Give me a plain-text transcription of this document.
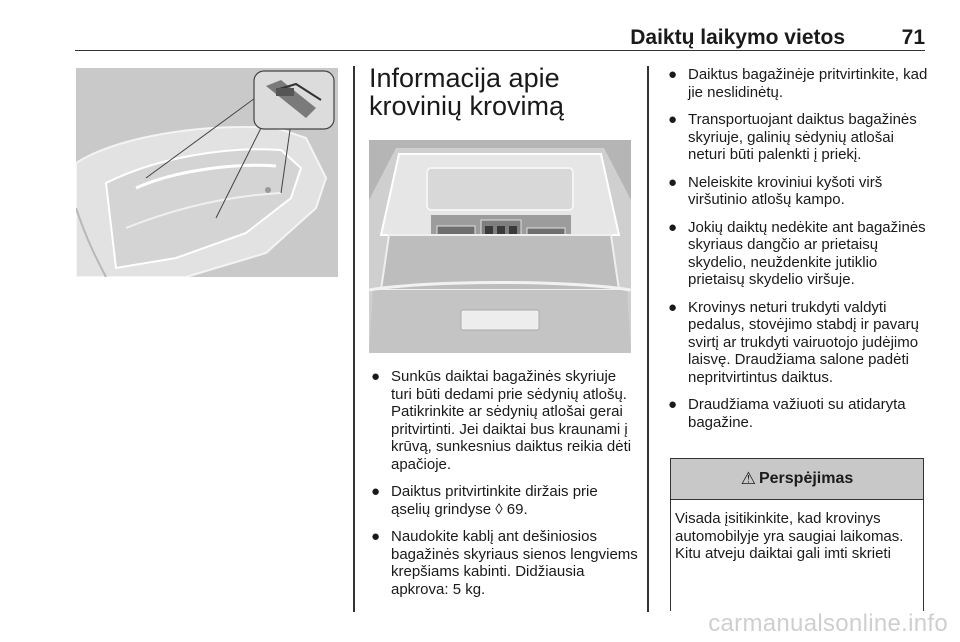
Daiktų laikymo vietos	71
Informacija apie
krovinių krovimą
● Sunkūs daiktai bagažinės skyriuje turi būti dedami prie sėdynių atlošų. Patikrinkite ar sėdynių atlošai gerai pritvirtinti. Jei daiktai bus kraunami į krūvą, sunkesnius daiktus reikia dėti apačioje.
● Daiktus pritvirtinkite diržais prie ąselių grindyse ◊ 69.
● Naudokite kablį ant dešiniosios bagažinės skyriaus sienos lengviems krepšiams kabinti. Didžiausia apkrova: 5 kg.
● Daiktus bagažinėje pritvirtinkite, kad jie neslidinėtų.
● Transportuojant daiktus bagažinės skyriuje, galinių sėdynių atlošai neturi būti palenkti į priekį.
● Neleiskite kroviniui kyšoti virš viršutinio atlošų kampo.
● Jokių daiktų nedėkite ant bagažinės skyriaus dangčio ar prietaisų skydelio, neuždenkite jutiklio prietaisų skydelio viršuje.
● Krovinys neturi trukdyti valdyti pedalus, stovėjimo stabdį ir pavarų svirtį ar trukdyti vairuotojo judėjimo laisvę. Draudžiama salone padėti nepritvirtintus daiktus.
● Draudžiama važiuoti su atidaryta bagažine.
⚠ Perspėjimas
Visada įsitikinkite, kad krovinys automobilyje yra saugiai laikomas. Kitu atveju daiktai gali imti skrieti
carmanualsonline.info
